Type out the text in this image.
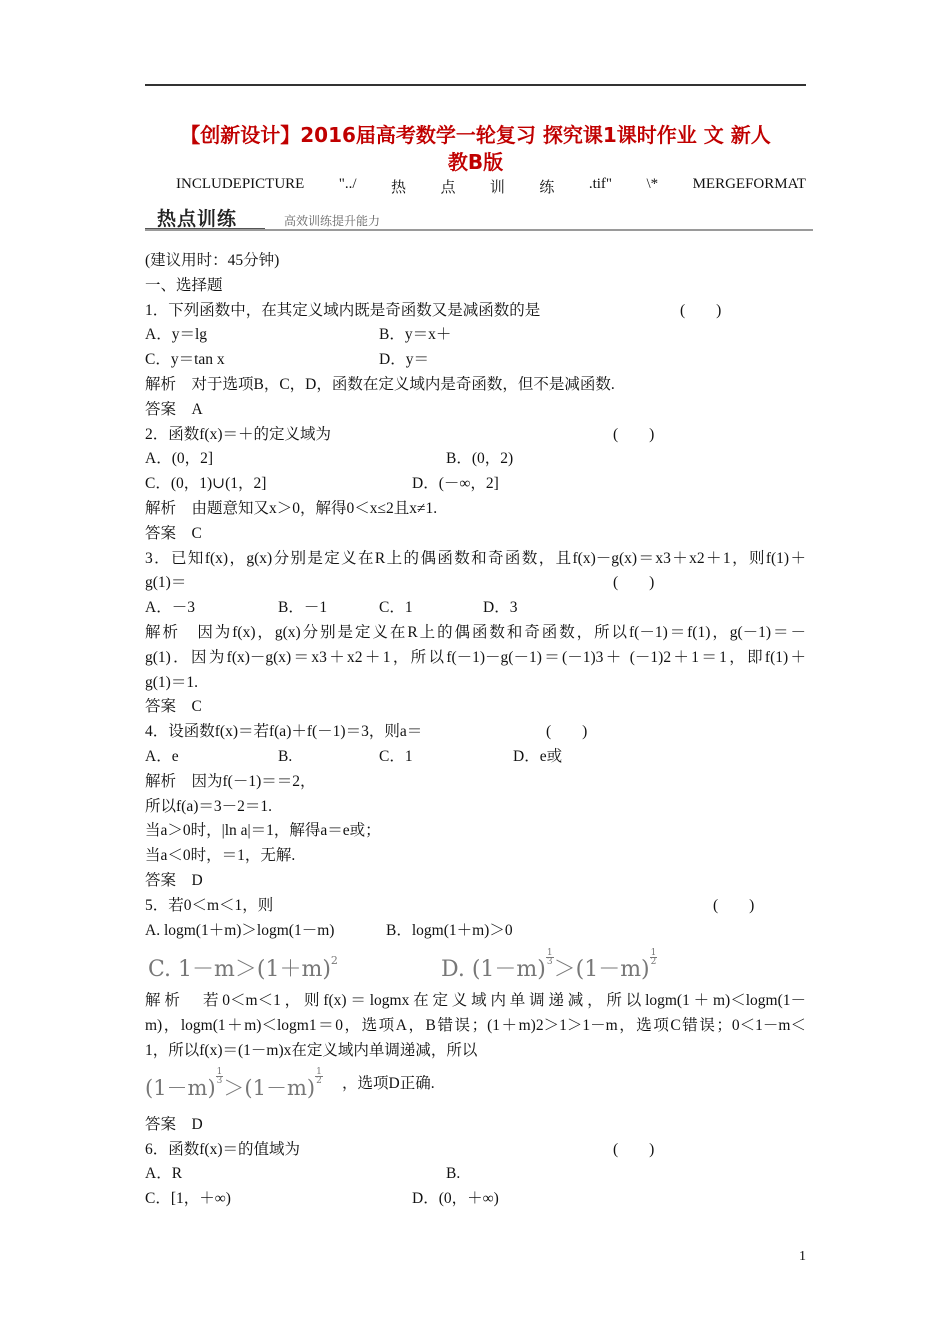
【创新设计】2016届高考数学一轮复习 探究课1课时作业 文 新人
教B版
INCLUDEPICTURE "../ 热 点 训 练 .tif" \* MERGEFORMAT
热点训练	高效训练提升能力
(建议用时：45分钟)
一、选择题
1．下列函数中，在其定义域内既是奇函数又是减函数的是	(　　)
A．y＝lg	B．y＝x＋
C．y＝tan x	D．y＝
解析　对于选项B，C，D，函数在定义域内是奇函数，但不是减函数.
答案　A
2．函数f(x)＝＋的定义域为	(　　)
A．(0，2]	B．(0，2)
C．(0，1)∪(1，2]	D．(－∞，2]
解析　由题意知又x＞0，解得0＜x≤2且x≠1.
答案　C
3．已知f(x)，g(x)分别是定义在R上的偶函数和奇函数，且f(x)－g(x)＝x3＋x2＋1，则f(1)＋
g(1)＝	(　　)
A．－3	B．－1	C．1	D．3
解析　因为f(x)，g(x)分别是定义在R上的偶函数和奇函数，所以f(－1)＝f(1)，g(－1)＝－
g(1)．因为f(x)－g(x)＝x3＋x2＋1，所以f(－1)－g(－1)＝(－1)3＋ (－1)2＋1＝1，即f(1)＋
g(1)＝1.
答案　C
4．设函数f(x)＝若f(a)＋f(－1)＝3，则a＝	(　　)
A．e	B.	C．1	D．e或
解析　因为f(－1)＝＝2，
所以f(a)＝3－2＝1.
当a＞0时，|ln a|＝1，解得a＝e或；
当a＜0时，＝1，无解.
答案　D
5．若0＜m＜1，则	(　　)
A. logm(1＋m)＞logm(1－m)	B．logm(1＋m)＞0
C. $1-m>(1+m)^2$	D. $(1-m) \frac{1}{3}>(1-m) \frac{1}{2}$
解析　若0＜m＜1，则f(x)＝logmx在定义域内单调递减，所以logm(1＋m)＜logm(1－
m)，logm(1＋m)＜logm1＝0，选项A，B错误；(1＋m)2＞1＞1－m，选项C错误；0＜1－m＜
1，所以f(x)＝(1－m)x在定义域内单调递减，所以
$(1-m) \frac{1}{3}>(1-m) \frac{1}{2}$ ，选项D正确.
答案　D
6．函数f(x)＝的值域为	(　　)
A．R	B.
C．[1，＋∞)	D．(0，＋∞)
1
